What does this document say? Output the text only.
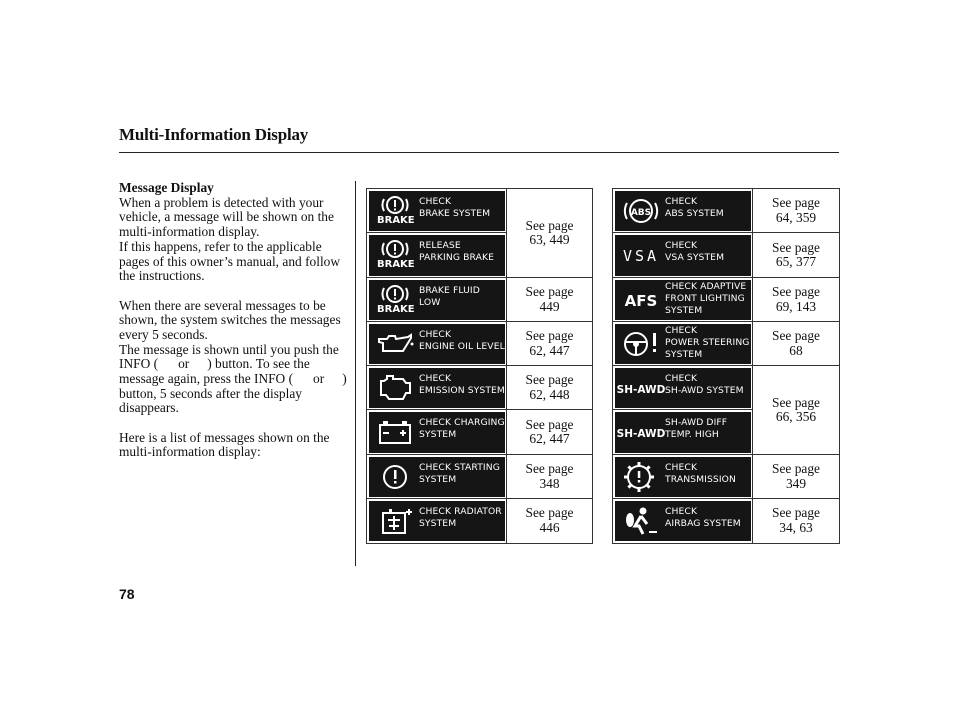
Multi-Information Display
Message Display
When a problem is detected with your vehicle, a message will be shown on the multi-information display.
If this happens, refer to the applicable pages of this owner’s manual, and follow the instructions.
When there are several messages to be shown, the system switches the messages every 5 seconds.
The message is shown until you push the INFO ( or ) button. To see the message again, press the INFO ( or ) button, 5 seconds after the display disappears.
Here is a list of messages shown on the multi-information display:
BRAKE
CHECK
BRAKE SYSTEM
BRAKE
RELEASE
PARKING BRAKE
BRAKE
BRAKE FLUID
LOW
CHECK
ENGINE OIL LEVEL
CHECK
EMISSION SYSTEM
CHECK CHARGING
SYSTEM
CHECK STARTING
SYSTEM
CHECK RADIATOR
SYSTEM
See page
63, 449
See page
449
See page
62, 447
See page
62, 448
See page
62, 447
See page
348
See page
446
ABS
CHECK
ABS SYSTEM
VSA
CHECK
VSA SYSTEM
AFS
CHECK ADAPTIVE
FRONT LIGHTING
SYSTEM
CHECK
POWER STEERING
SYSTEM
SH-AWD
CHECK
SH-AWD SYSTEM
SH-AWD
SH-AWD DIFF
TEMP. HIGH
CHECK
TRANSMISSION
CHECK
AIRBAG SYSTEM
See page
64, 359
See page
65, 377
See page
69, 143
See page
68
See page
66, 356
See page
349
See page
34, 63
78
